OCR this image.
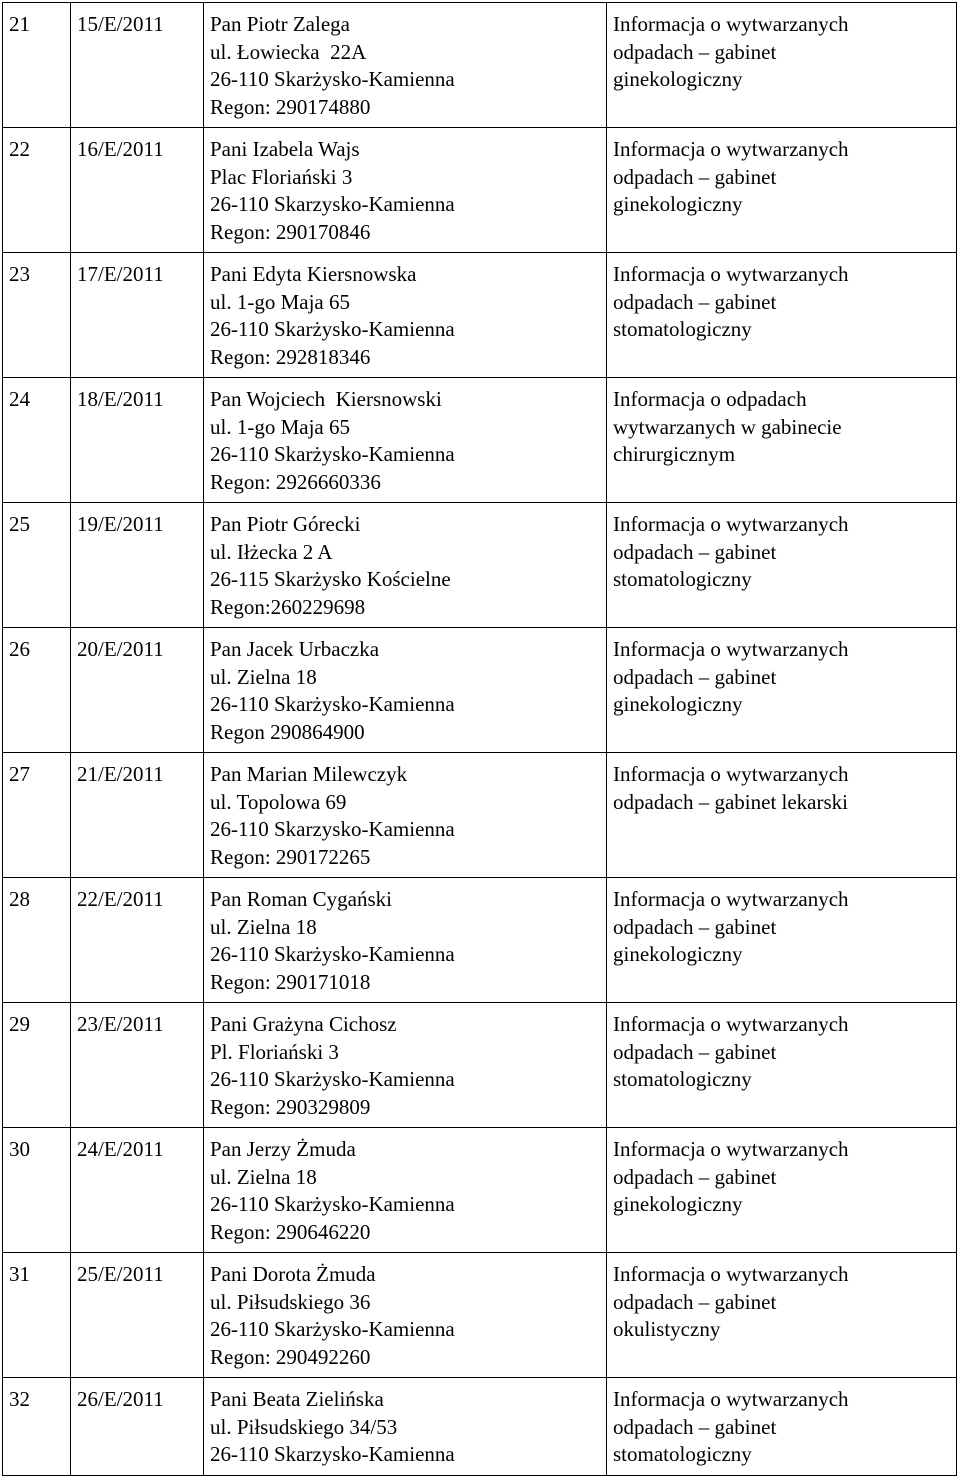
21	15/E/2011	Pan Piotr Zalega
ul. Łowiecka  22A
26-110 Skarżysko-Kamienna
Regon: 290174880	Informacja o wytwarzanych
odpadach – gabinet
ginekologiczny

22	16/E/2011	Pani Izabela Wajs
Plac Floriański 3
26-110 Skarzysko-Kamienna
Regon: 290170846	Informacja o wytwarzanych
odpadach – gabinet
ginekologiczny

23	17/E/2011	Pani Edyta Kiersnowska
ul. 1-go Maja 65
26-110 Skarżysko-Kamienna
Regon: 292818346	Informacja o wytwarzanych
odpadach – gabinet
stomatologiczny

24	18/E/2011	Pan Wojciech  Kiersnowski
ul. 1-go Maja 65
26-110 Skarżysko-Kamienna
Regon: 2926660336	Informacja o odpadach
wytwarzanych w gabinecie
chirurgicznym

25	19/E/2011	Pan Piotr Górecki
ul. Iłżecka 2 A
26-115 Skarżysko Kościelne
Regon:260229698	Informacja o wytwarzanych
odpadach – gabinet
stomatologiczny

26	20/E/2011	Pan Jacek Urbaczka
ul. Zielna 18
26-110 Skarżysko-Kamienna
Regon 290864900	Informacja o wytwarzanych
odpadach – gabinet
ginekologiczny

27	21/E/2011	Pan Marian Milewczyk
ul. Topolowa 69
26-110 Skarzysko-Kamienna
Regon: 290172265	Informacja o wytwarzanych
odpadach – gabinet lekarski

28	22/E/2011	Pan Roman Cygański
ul. Zielna 18
26-110 Skarżysko-Kamienna
Regon: 290171018	Informacja o wytwarzanych
odpadach – gabinet
ginekologiczny

29	23/E/2011	Pani Grażyna Cichosz
Pl. Floriański 3
26-110 Skarżysko-Kamienna
Regon: 290329809	Informacja o wytwarzanych
odpadach – gabinet
stomatologiczny

30	24/E/2011	Pan Jerzy Żmuda
ul. Zielna 18
26-110 Skarżysko-Kamienna
Regon: 290646220	Informacja o wytwarzanych
odpadach – gabinet
ginekologiczny

31	25/E/2011	Pani Dorota Żmuda
ul. Piłsudskiego 36
26-110 Skarżysko-Kamienna
Regon: 290492260	Informacja o wytwarzanych
odpadach – gabinet
okulistyczny

32	26/E/2011	Pani Beata Zielińska
ul. Piłsudskiego 34/53
26-110 Skarzysko-Kamienna	Informacja o wytwarzanych
odpadach – gabinet
stomatologiczny
